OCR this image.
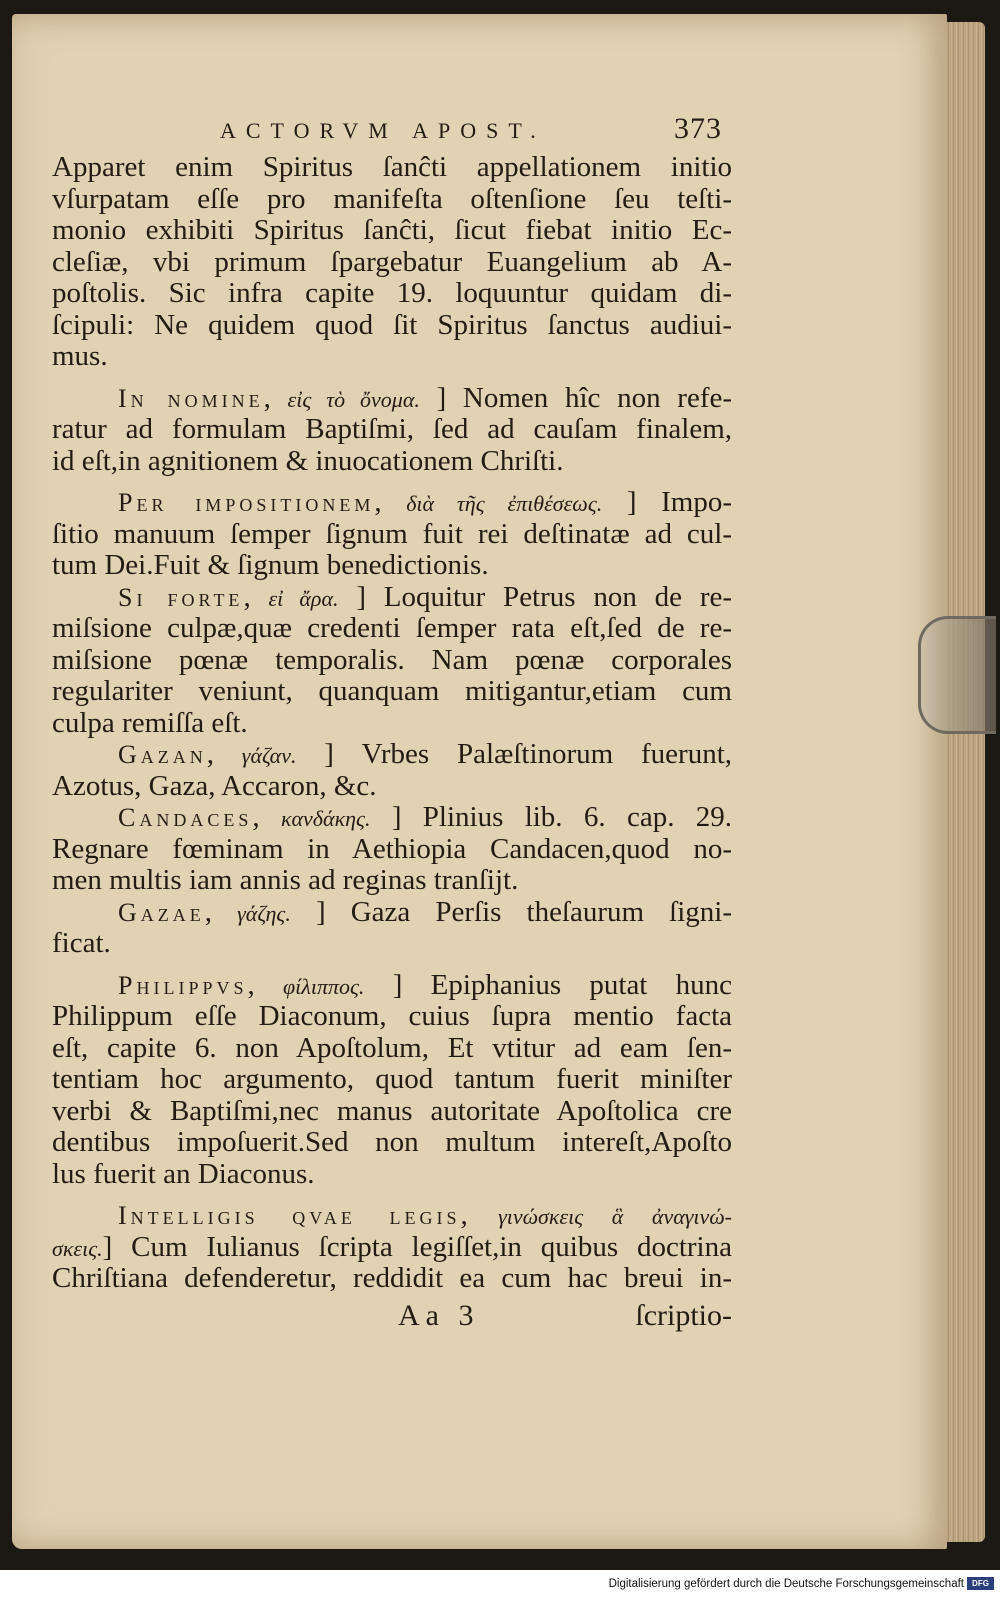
ACTORVM APOST.	373
Apparet enim Spiritus ſanĉti appellationem initio
vſurpatam eſſe pro manifeſta oſtenſione ſeu teſti-
monio exhibiti Spiritus ſanĉti, ſicut fiebat initio Ec-
cleſiæ, vbi primum ſpargebatur Euangelium ab A-
poſtolis. Sic infra capite 19. loquuntur quidam di-
ſcipuli: Ne quidem quod ſit Spiritus ſanctus audiui-
mus.
In nomine, εἰς τὸ ὄνομα. ] Nomen hîc non refe-
ratur ad formulam Baptiſmi, ſed ad cauſam finalem,
id eſt,in agnitionem & inuocationem Chriſti.
Per impositionem, διὰ τῆς ἐπιθέσεως. ] Impo-
ſitio manuum ſemper ſignum fuit rei deſtinatæ ad cul-
tum Dei.Fuit & ſignum benedictionis.
Si forte, εἰ ἄρα. ] Loquitur Petrus non de re-
miſsione culpæ,quæ credenti ſemper rata eſt,ſed de re-
miſsione pœnæ temporalis. Nam pœnæ corporales
regulariter veniunt, quanquam mitigantur,etiam cum
culpa remiſſa eſt.
Gazan, γάζαν. ] Vrbes Palæſtinorum fuerunt,
Azotus, Gaza, Accaron, &c.
Candaces, κανδάκης. ] Plinius lib. 6. cap. 29.
Regnare fœminam in Aethiopia Candacen,quod no-
men multis iam annis ad reginas tranſijt.
Gazae, γάζης. ] Gaza Perſis theſaurum ſigni-
ficat.
Philippvs, φίλιππος. ] Epiphanius putat hunc
Philippum eſſe Diaconum, cuius ſupra mentio facta
eſt, capite 6. non Apoſtolum, Et vtitur ad eam ſen-
tentiam hoc argumento, quod tantum fuerit miniſter
verbi & Baptiſmi,nec manus autoritate Apoſtolica cre
dentibus impoſuerit.Sed non multum intereſt,Apoſto
lus fuerit an Diaconus.
Intelligis qvae legis, γινώσκεις ἃ ἀναγινώ-
σκεις.] Cum Iulianus ſcripta legiſſet,in quibus doctrina
Chriſtiana defenderetur, reddidit ea cum hac breui in-
Aa 3	ſcriptio-
Digitalisierung gefördert durch die Deutsche Forschungsgemeinschaft	DFG
